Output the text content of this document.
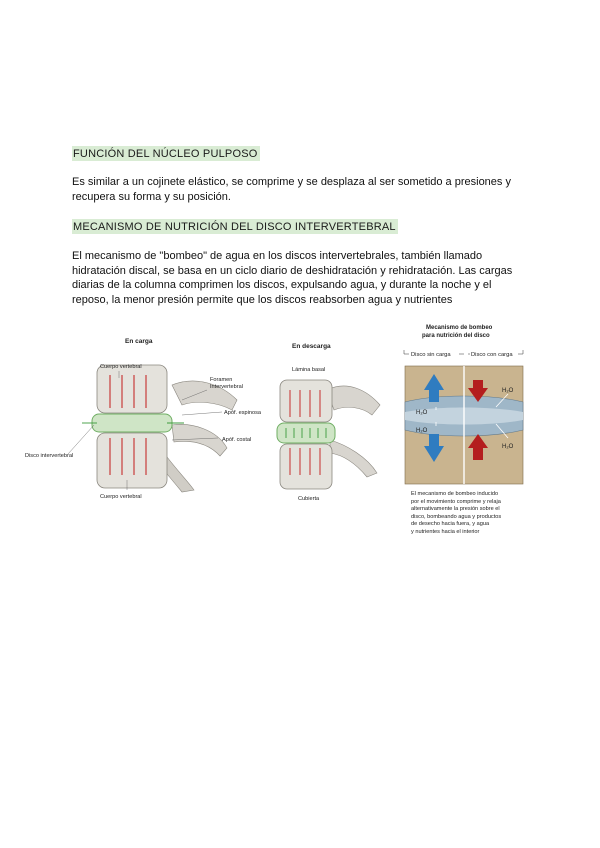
FUNCIÓN DEL NÚCLEO PULPOSO
Es similar a un cojinete elástico, se comprime y se desplaza al ser sometido a presiones y
recupera su forma y su posición.
MECANISMO DE NUTRICIÓN DEL DISCO INTERVERTEBRAL
El mecanismo de "bombeo" de agua en los discos intervertebrales, también llamado
hidratación discal, se basa en un ciclo diario de deshidratación y rehidratación. Las cargas
diarias de la columna comprimen los discos, expulsando agua, y durante la noche y el
reposo, la menor presión permite que los discos reabsorben agua y nutrientes
En carga
Cuerpo vertebral
Foramen
Intervertebral
Apóf. espinosa
Disco intervertebral
Apóf. costal
Cuerpo vertebral
En descarga
Lámina basal
Cubierta
Mecanismo de bombeo
para nutrición del disco
Disco sin carga	Disco con carga
H₂O
H₂O
H₂O
H₂O
El mecanismo de bombeo inducido
por el movimiento comprime y relaja
alternativamente la presión sobre el
disco, bombeando agua y productos
de desecho hacia fuera, y agua
y nutrientes hacia el interior
